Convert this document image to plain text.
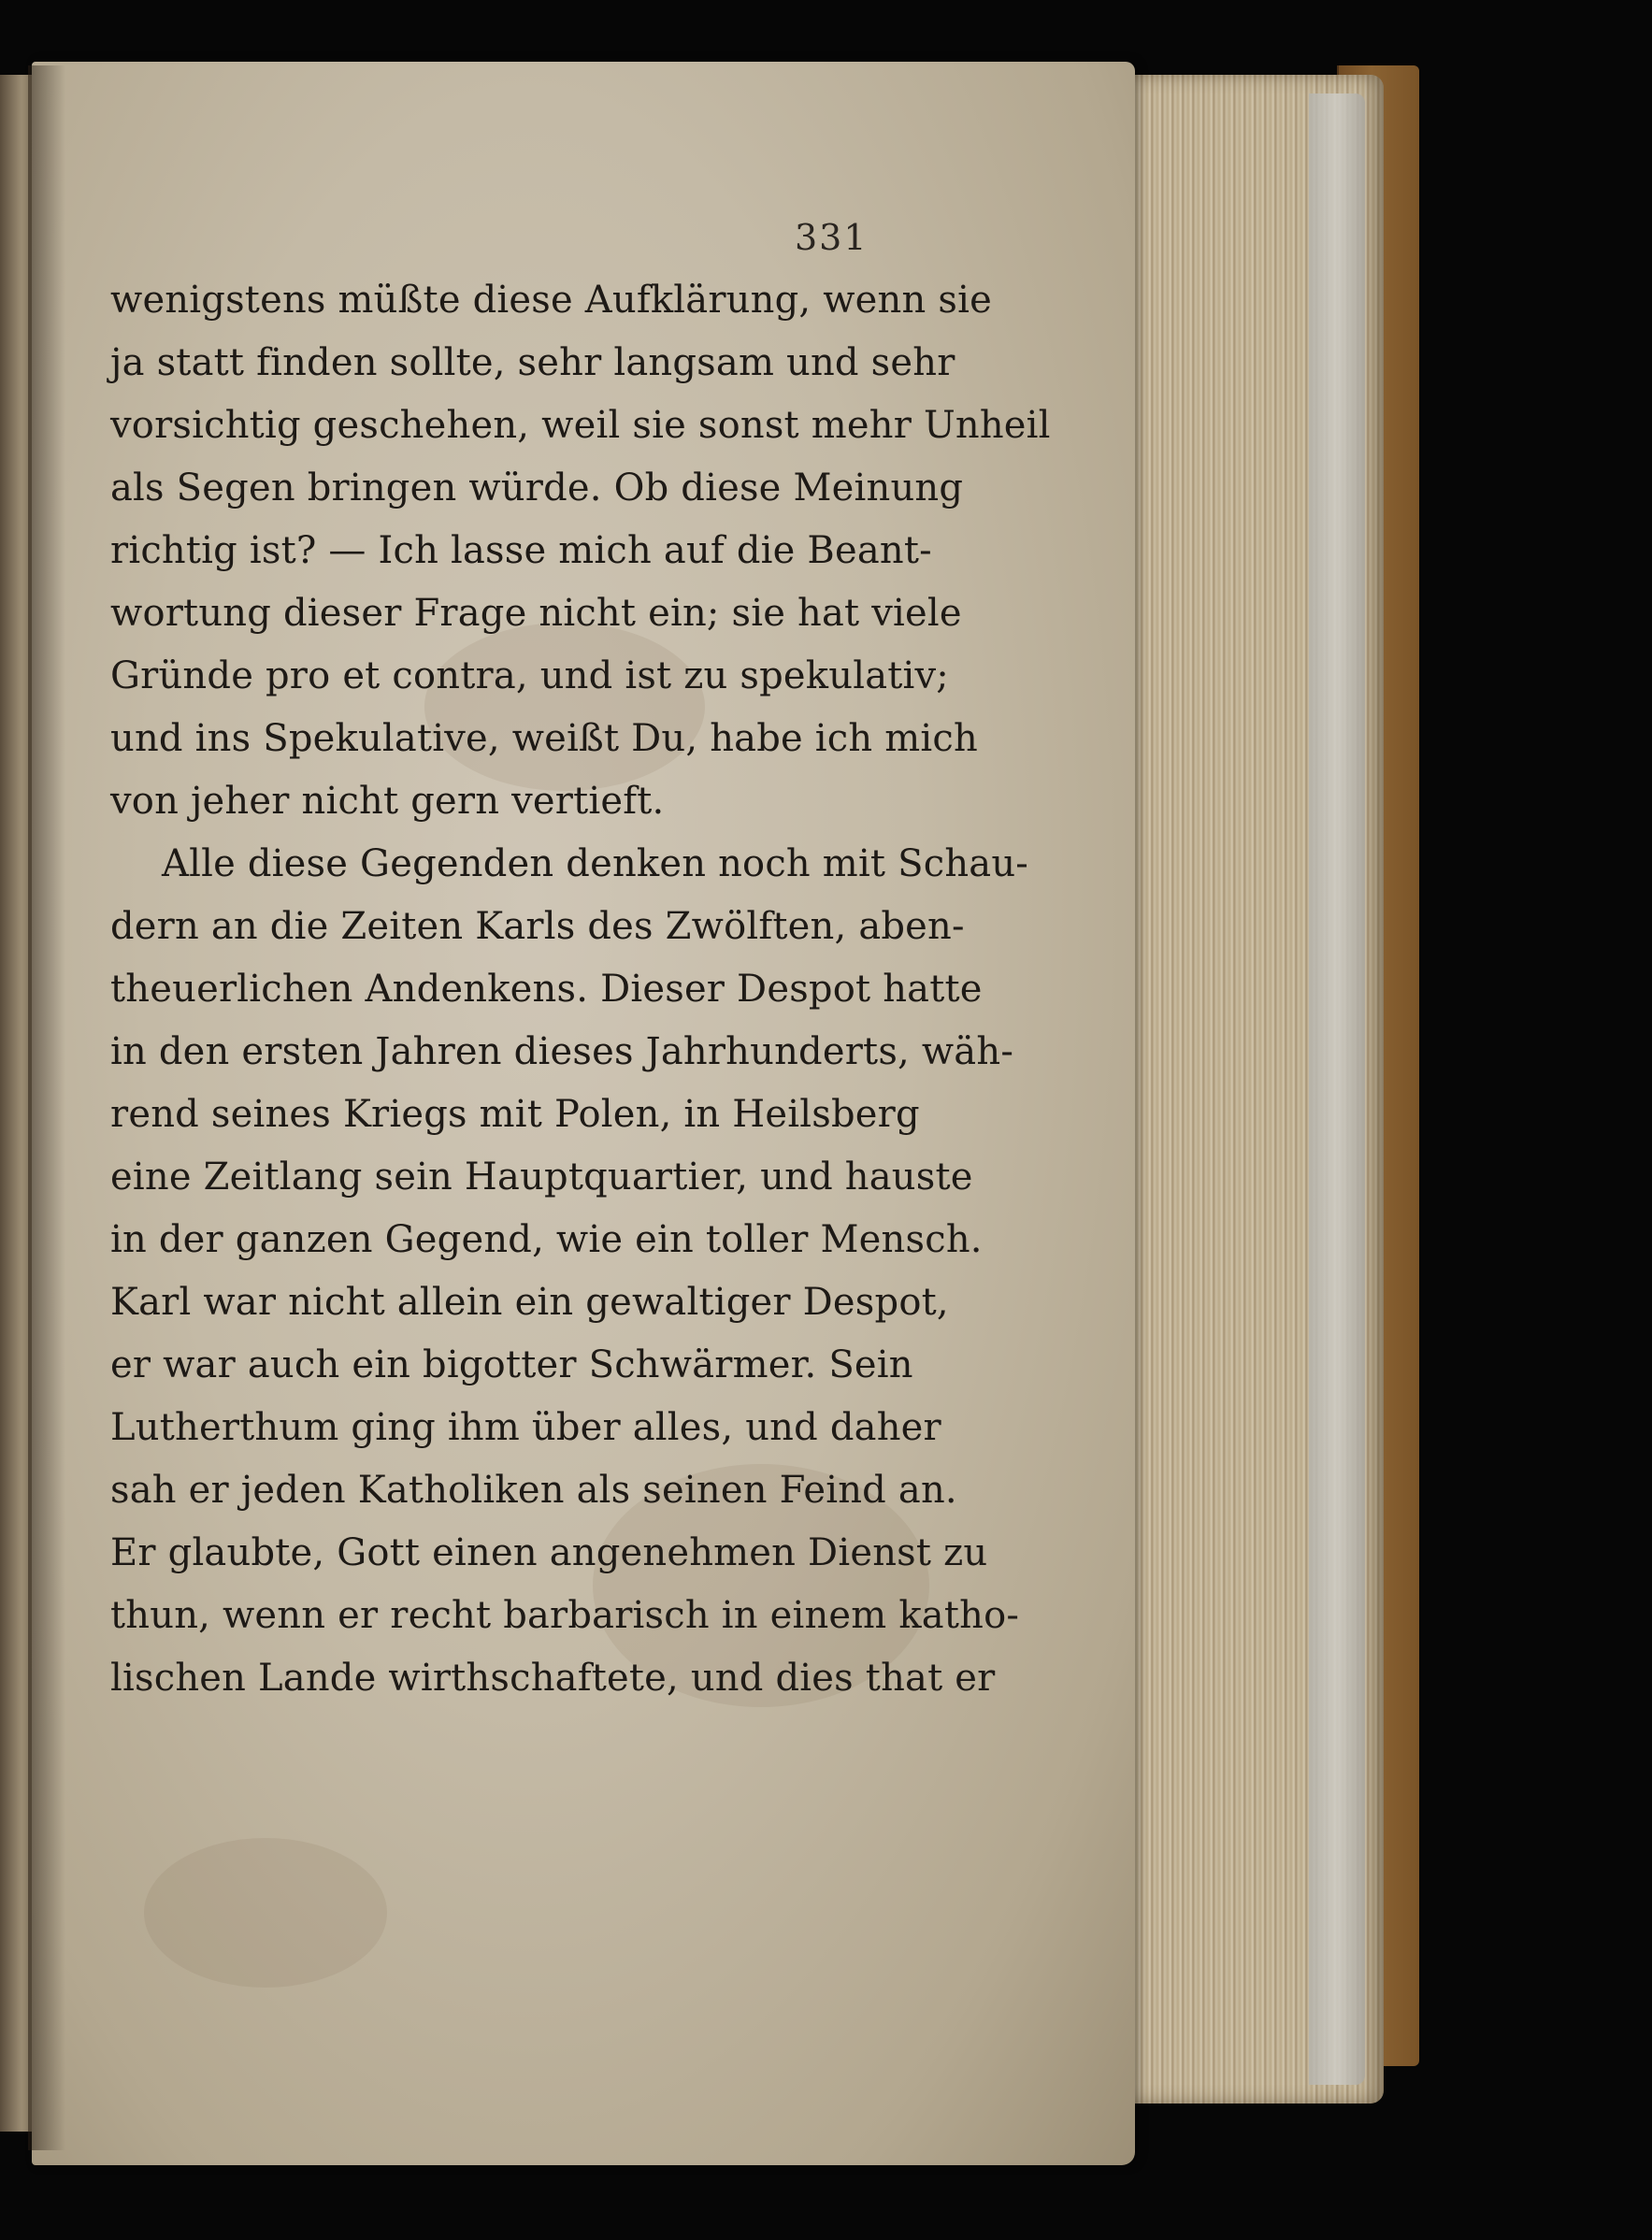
331
wenigstens müßte diese Aufklärung, wenn sie
ja statt finden sollte, sehr langsam und sehr
vorsichtig geschehen, weil sie sonst mehr Unheil
als Segen bringen würde. Ob diese Meinung
richtig ist? — Ich lasse mich auf die Beant-
wortung dieser Frage nicht ein; sie hat viele
Gründe pro et contra, und ist zu spekulativ;
und ins Spekulative, weißt Du, habe ich mich
von jeher nicht gern vertieft.
Alle diese Gegenden denken noch mit Schau-
dern an die Zeiten Karls des Zwölften, aben-
theuerlichen Andenkens. Dieser Despot hatte
in den ersten Jahren dieses Jahrhunderts, wäh-
rend seines Kriegs mit Polen, in Heilsberg
eine Zeitlang sein Hauptquartier, und hauste
in der ganzen Gegend, wie ein toller Mensch.
Karl war nicht allein ein gewaltiger Despot,
er war auch ein bigotter Schwärmer. Sein
Lutherthum ging ihm über alles, und daher
sah er jeden Katholiken als seinen Feind an.
Er glaubte, Gott einen angenehmen Dienst zu
thun, wenn er recht barbarisch in einem katho-
lischen Lande wirthschaftete, und dies that er
